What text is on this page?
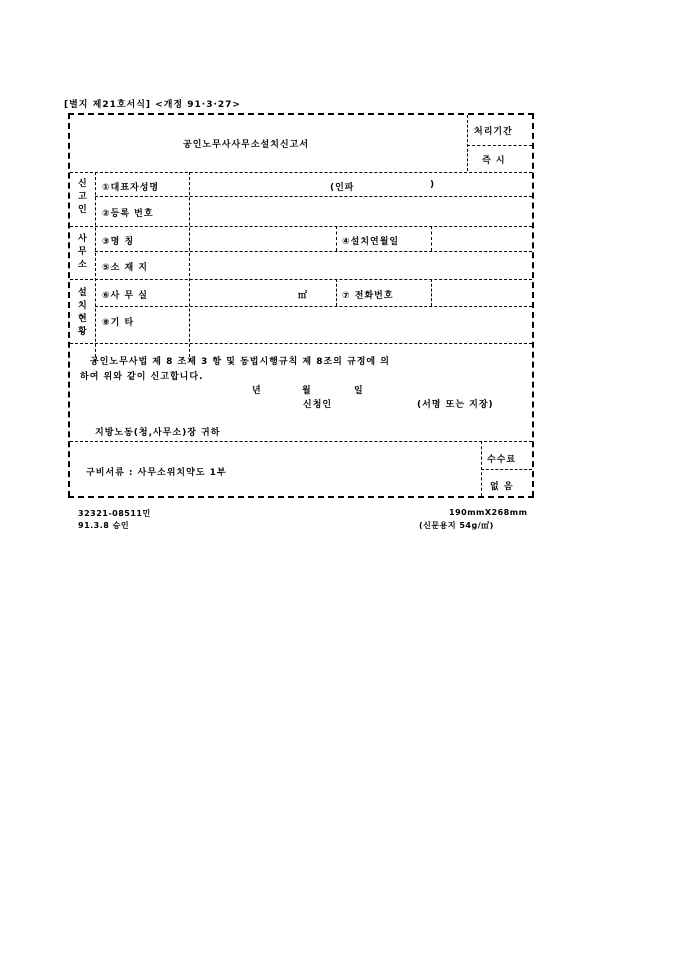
[별지 제21호서식] <개정 91·3·27>
공인노무사사무소설치신고서
처리기간
즉 시
신
고
인
①대표자성명	(인파	)
②등록 번호
사
무
소
③명 칭	④설치연월일
⑤소 재 지
설
치
현
황
⑥사 무 실	㎡	⑦ 전화번호
⑧기 타
공인노무사법 제 8 조제 3 항 및 동법시행규칙 제 8조의 규정에 의
하여 위와 같이 신고합니다.
년	월	일
신청인	(서명 또는 지장)
지방노동(청,사무소)장 귀하
구비서류 : 사무소위치약도 1부
수수료
없 음
32321-08511민
91.3.8 승인
190mmX268mm
(신문용지 54g/㎡)
